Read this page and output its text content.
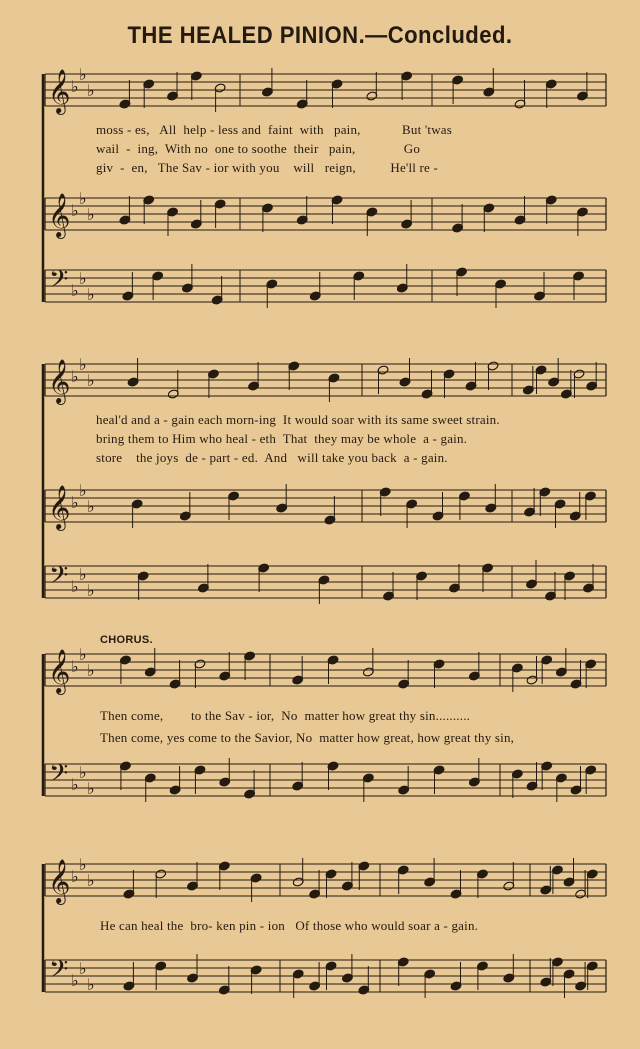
THE HEALED PINION.—Concluded.
𝄞 ♭
♭
♭
𝄞 ♭
♭
♭
𝄢 ♭
♭
♭
𝄞 ♭
♭
♭
𝄞 ♭
♭
♭
𝄢 ♭
♭
♭
𝄞 ♭
♭
♭
𝄢 ♭
♭
♭
𝄞 ♭
♭
♭
𝄢 ♭
♭
♭
CHORUS.
moss - es,   All  help - less and  faint  with   pain,            But 'twas
wail  -  ing,  With no  one to soothe  their   pain,              Go
giv  -  en,   The Sav - ior with you    will   reign,          He'll re -
heal'd and a - gain each morn-ing  It would soar with its same sweet strain.
bring them to Him who heal - eth  That  they may be whole  a - gain.
store    the joys  de - part - ed.  And   will take you back  a - gain.
Then come,        to the Sav - ior,  No  matter how great thy sin..........
Then come, yes come to the Savior, No  matter how great, how great thy sin,
He can heal the  bro- ken pin - ion   Of those who would soar a - gain.
